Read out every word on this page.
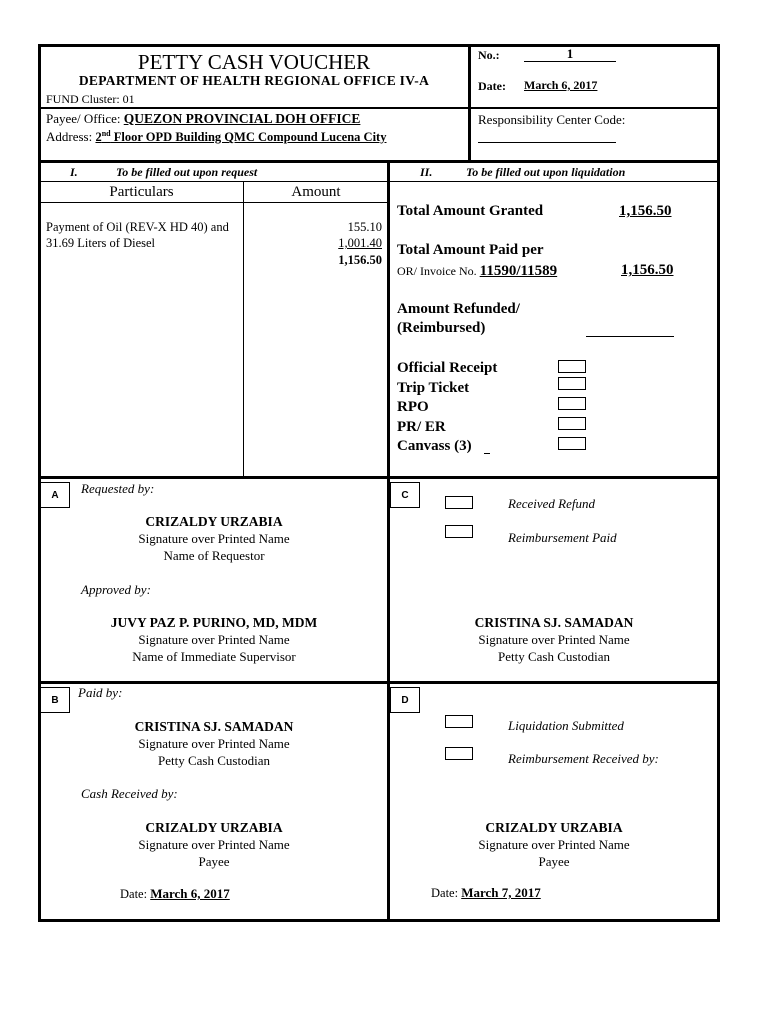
PETTY CASH VOUCHER
DEPARTMENT OF HEALTH REGIONAL OFFICE IV-A
FUND Cluster: 01
No.:	1
Date: March 6, 2017
Payee/ Office: QUEZON PROVINCIAL DOH OFFICE
Address: 2nd Floor OPD Building QMC Compound Lucena City
Responsibility Center Code:
I.	To be filled out upon request	II.	To be filled out upon liquidation
Particulars	Amount
Payment of Oil (REV-X HD 40) and 31.69 Liters of Diesel
155.10
1,001.40
1,156.50
Total Amount Granted	1,156.50
Total Amount Paid per
OR/ Invoice No. 11590/11589	1,156.50
Amount Refunded/
(Reimbursed)
Official Receipt
Trip Ticket
RPO
PR/ ER
Canvass (3)
A	Requested by:
CRIZALDY URZABIA
Signature over Printed Name
Name of Requestor
Approved by:
JUVY PAZ P. PURINO, MD, MDM
Signature over Printed Name
Name of Immediate Supervisor
C
Received Refund
Reimbursement Paid
CRISTINA SJ. SAMADAN
Signature over Printed Name
Petty Cash Custodian
B
Paid by:
CRISTINA SJ. SAMADAN
Signature over Printed Name
Petty Cash Custodian
Cash Received by:
CRIZALDY URZABIA
Signature over Printed Name
Payee
Date: March 6, 2017
D
Liquidation Submitted
Reimbursement Received by:
CRIZALDY URZABIA
Signature over Printed Name
Payee
Date: March 7, 2017
